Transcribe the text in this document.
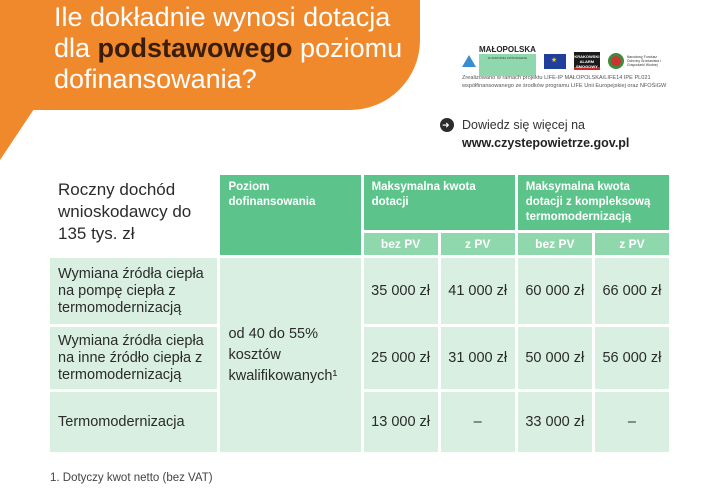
Ile dokładnie wynosi dotacja dla podstawowego poziomu dofinansowania?
MAŁOPOLSKA
W ZDROWEJ ATMOSFERZE ★	KRAKOWSKI ALARM SMOGOWY
Narodowy Fundusz Ochrony Środowiska i Gospodarki Wodnej

Zrealizowano w ramach projektu LIFE-IP MAŁOPOLSKA/LIFE14 IPE PL021 współfinansowanego ze środków programu LIFE Unii Europejskiej oraz NFOŚiGW

➜
Dowiedz się więcej na
www.czystepowietrze.gov.pl
Roczny dochód wnioskodawcy do 135 tys. zł	Poziom dofinansowania	Maksymalna kwota dotacji		Maksymalna kwota dotacji z kompleksową termomodernizacją	
		bez PV	z PV	bez PV	z PV
Wymiana źródła ciepła na pompę ciepła z termomodernizacją	od 40 do 55% kosztów kwalifikowanych¹	35 000 zł	41 000 zł	60 000 zł	66 000 zł
Wymiana źródła ciepła na inne źródło ciepła z termomodernizacją		25 000 zł	31 000 zł	50 000 zł	56 000 zł
Termomodernizacja		13 000 zł	–	33 000 zł	–

1. Dotyczy kwot netto (bez VAT)
